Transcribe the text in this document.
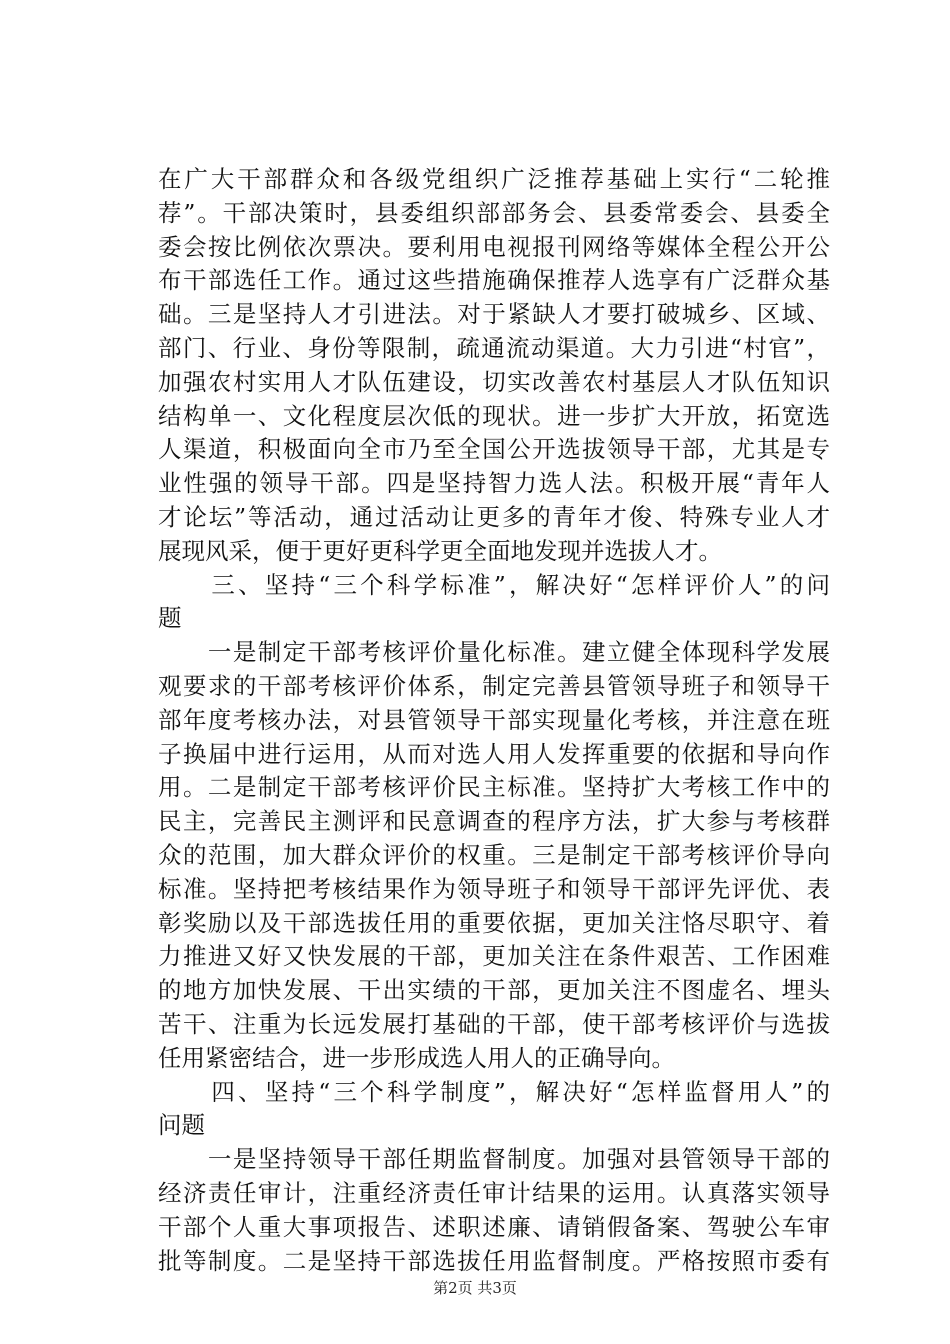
在广大干部群众和各级党组织广泛推荐基础上实行“二轮推
荐”。干部决策时，县委组织部部务会、县委常委会、县委全
委会按比例依次票决。要利用电视报刊网络等媒体全程公开公
布干部选任工作。通过这些措施确保推荐人选享有广泛群众基
础。三是坚持人才引进法。对于紧缺人才要打破城乡、区域、
部门、行业、身份等限制，疏通流动渠道。大力引进“村官”，
加强农村实用人才队伍建设，切实改善农村基层人才队伍知识
结构单一、文化程度层次低的现状。进一步扩大开放，拓宽选
人渠道，积极面向全市乃至全国公开选拔领导干部，尤其是专
业性强的领导干部。四是坚持智力选人法。积极开展“青年人
才论坛”等活动，通过活动让更多的青年才俊、特殊专业人才
展现风采，便于更好更科学更全面地发现并选拔人才。
　　三、坚持“三个科学标准”，解决好“怎样评价人”的问
题
　　一是制定干部考核评价量化标准。建立健全体现科学发展
观要求的干部考核评价体系，制定完善县管领导班子和领导干
部年度考核办法，对县管领导干部实现量化考核，并注意在班
子换届中进行运用，从而对选人用人发挥重要的依据和导向作
用。二是制定干部考核评价民主标准。坚持扩大考核工作中的
民主，完善民主测评和民意调查的程序方法，扩大参与考核群
众的范围，加大群众评价的权重。三是制定干部考核评价导向
标准。坚持把考核结果作为领导班子和领导干部评先评优、表
彰奖励以及干部选拔任用的重要依据，更加关注恪尽职守、着
力推进又好又快发展的干部，更加关注在条件艰苦、工作困难
的地方加快发展、干出实绩的干部，更加关注不图虚名、埋头
苦干、注重为长远发展打基础的干部，使干部考核评价与选拔
任用紧密结合，进一步形成选人用人的正确导向。
　　四、坚持“三个科学制度”，解决好“怎样监督用人”的
问题
　　一是坚持领导干部任期监督制度。加强对县管领导干部的
经济责任审计，注重经济责任审计结果的运用。认真落实领导
干部个人重大事项报告、述职述廉、请销假备案、驾驶公车审
批等制度。二是坚持干部选拔任用监督制度。严格按照市委有
第2页 共3页
